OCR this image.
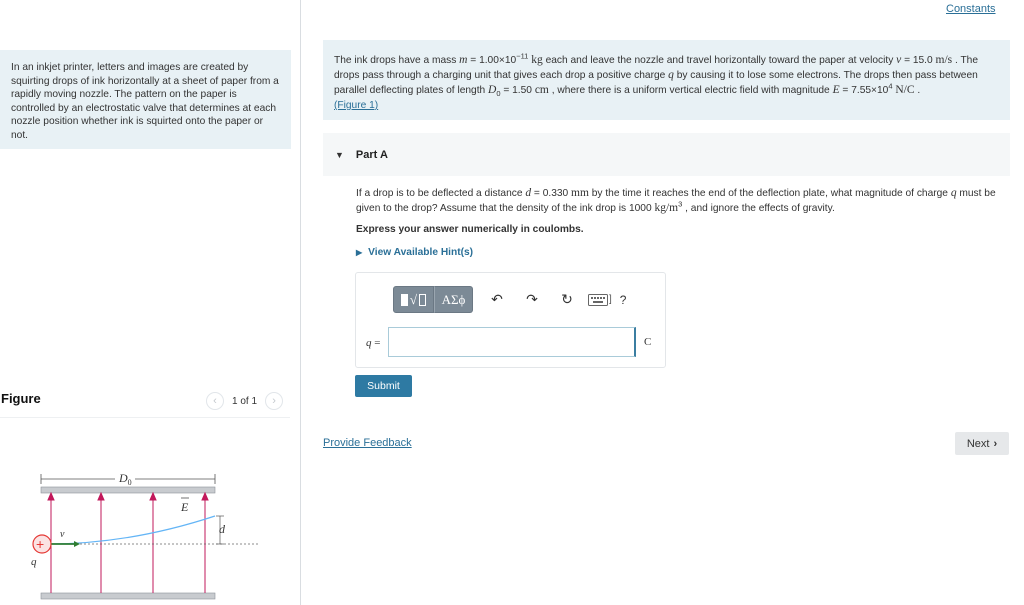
In an inkjet printer, letters and images are created by squirting drops of ink horizontally at a sheet of paper from a rapidly moving nozzle. The pattern on the paper is controlled by an electrostatic valve that determines at each nozzle position whether ink is squirted onto the paper or not.
Figure	‹ 1 of 1 ›
$D_0$
E
d
v
+
q
Constants
The ink drops have a mass $m = 1.00\times 10^{-11}$ kg each and leave the nozzle and travel horizontally toward the paper at velocity v = 15.0 m/s . The drops pass through a charging unit that gives each drop a positive charge q by causing it to lose some electrons. The drops then pass between parallel deflecting plates of length $D_0 = 1.50$ cm , where there is a uniform vertical electric field with magnitude $E = 7.55\times 10^4$ N/C .
(Figure 1)
▼ Part A
If a drop is to be deflected a distance d = 0.330 mm by the time it reaches the end of the deflection plate, what magnitude of charge q must be given to the drop? Assume that the density of the ink drop is 1000 $kg/m^3$ , and ignore the effects of gravity.
Express your answer numerically in coulombs.
▶ View Available Hint(s)
√	ΑΣϕ	↶	↷	↻	] ?
q =	C
Submit
Provide Feedback	Next ›
